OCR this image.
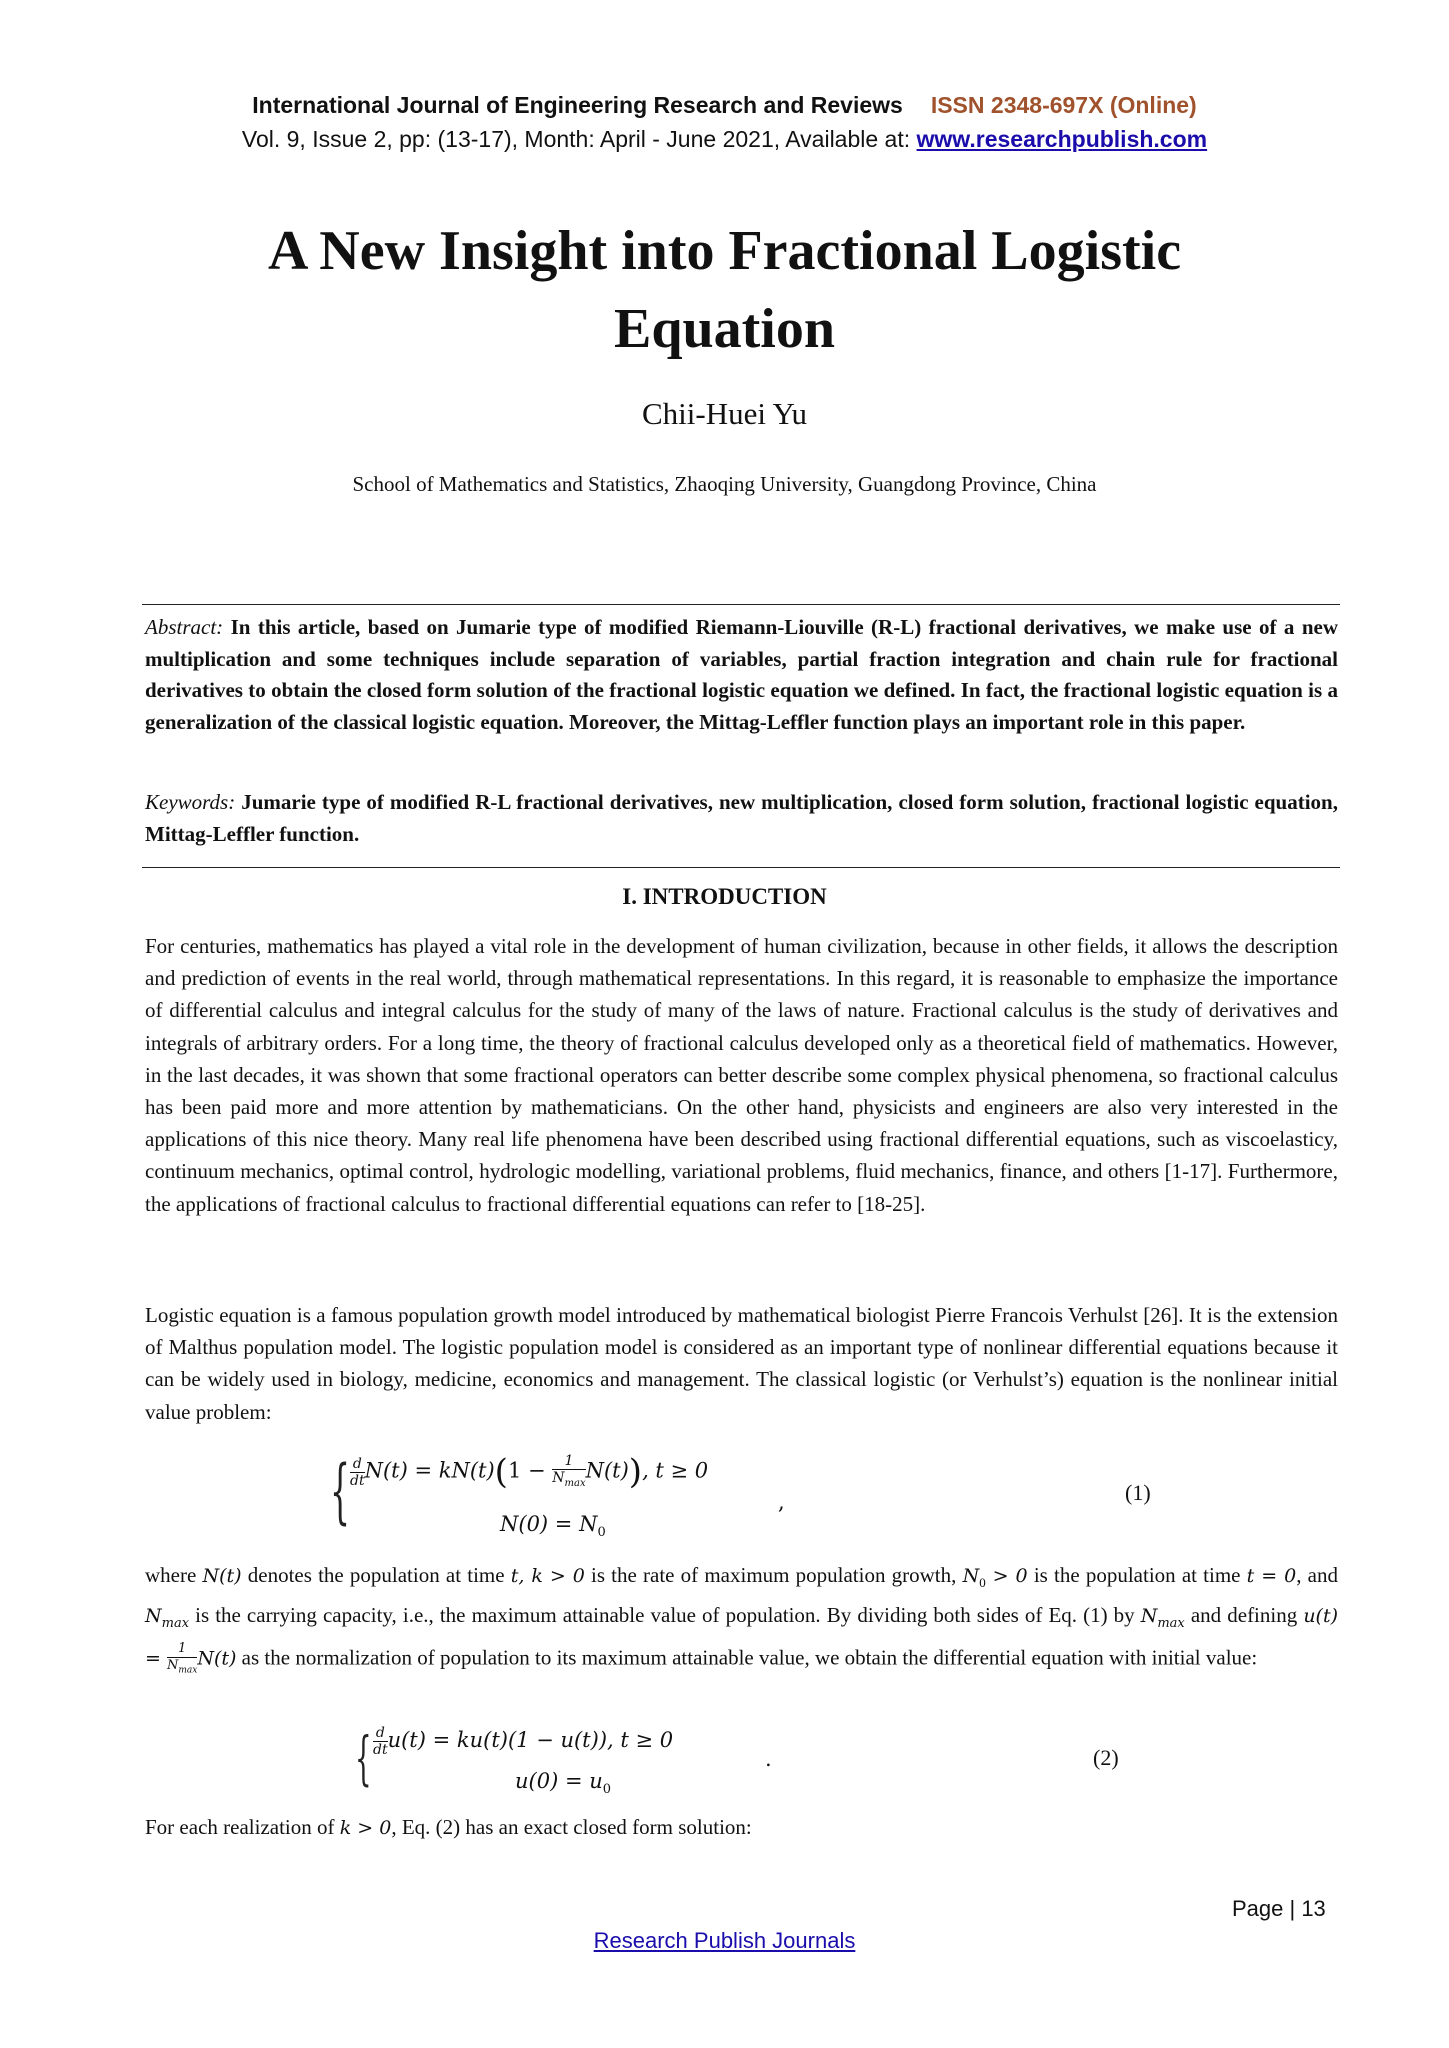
International Journal of Engineering Research and Reviews ISSN 2348-697X (Online)
Vol. 9, Issue 2, pp: (13-17), Month: April - June 2021, Available at: www.researchpublish.com
A New Insight into Fractional Logistic
Equation
Chii-Huei Yu
School of Mathematics and Statistics, Zhaoqing University, Guangdong Province, China
Abstract: In this article, based on Jumarie type of modified Riemann-Liouville (R-L) fractional derivatives, we make use of a new multiplication and some techniques include separation of variables, partial fraction integration and chain rule for fractional derivatives to obtain the closed form solution of the fractional logistic equation we defined. In fact, the fractional logistic equation is a generalization of the classical logistic equation. Moreover, the Mittag-Leffler function plays an important role in this paper.
Keywords: Jumarie type of modified R-L fractional derivatives, new multiplication, closed form solution, fractional logistic equation, Mittag-Leffler function.
I. INTRODUCTION
For centuries, mathematics has played a vital role in the development of human civilization, because in other fields, it allows the description and prediction of events in the real world, through mathematical representations. In this regard, it is reasonable to emphasize the importance of differential calculus and integral calculus for the study of many of the laws of nature. Fractional calculus is the study of derivatives and integrals of arbitrary orders. For a long time, the theory of fractional calculus developed only as a theoretical field of mathematics. However, in the last decades, it was shown that some fractional operators can better describe some complex physical phenomena, so fractional calculus has been paid more and more attention by mathematicians. On the other hand, physicists and engineers are also very interested in the applications of this nice theory. Many real life phenomena have been described using fractional differential equations, such as viscoelasticy, continuum mechanics, optimal control, hydrologic modelling, variational problems, fluid mechanics, finance, and others [1-17]. Furthermore, the applications of fractional calculus to fractional differential equations can refer to [18-25].
Logistic equation is a famous population growth model introduced by mathematical biologist Pierre Francois Verhulst [26]. It is the extension of Malthus population model. The logistic population model is considered as an important type of nonlinear differential equations because it can be widely used in biology, medicine, economics and management. The classical logistic (or Verhulst’s) equation is the nonlinear initial value problem:
{ $\frac{d}{dt} N(t) = kN(t)(1 - \frac{1}{N_{max}} N(t))$, t ≥ 0
$N(0) = N_0$
,	(1)
where N(t) denotes the population at time t, k > 0 is the rate of maximum population growth, $N_0 > 0$ is the population at time t = 0, and $N_{max}$ is the carrying capacity, i.e., the maximum attainable value of population. By dividing both sides of Eq. (1) by $N_{max}$ and defining $u(t) = \frac{1}{N_{max}} N(t)$ as the normalization of population to its maximum attainable value, we obtain the differential equation with initial value:
{ $\frac{d}{dt} u(t) = ku(t)(1 - u(t))$, t ≥ 0
$u(0) = u_0$
.	(2)
For each realization of k > 0, Eq. (2) has an exact closed form solution:
Page | 13
Research Publish Journals
